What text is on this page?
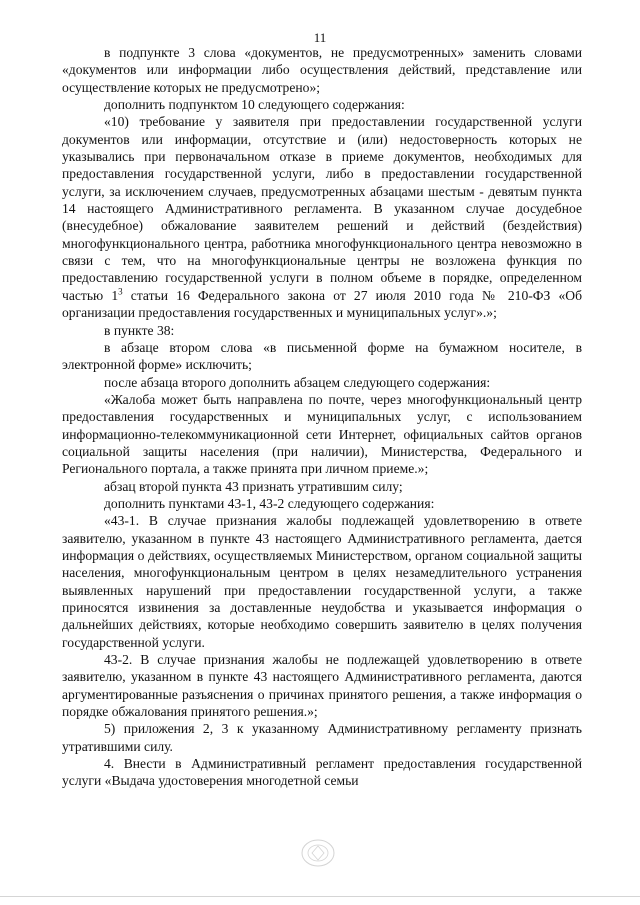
11

в подпункте 3 слова «документов, не предусмотренных» заменить словами «документов или информации либо осуществления действий, представление или осуществление которых не предусмотрено»;

дополнить подпунктом 10 следующего содержания:

«10) требование у заявителя при предоставлении государственной услуги документов или информации, отсутствие и (или) недостоверность которых не указывались при первоначальном отказе в приеме документов, необходимых для предоставления государственной услуги, либо в предоставлении государственной услуги, за исключением случаев, предусмотренных абзацами шестым - девятым пункта 14 настоящего Административного регламента. В указанном случае досудебное (внесудебное) обжалование заявителем решений и действий (бездействия) многофункционального центра, работника многофункционального центра невозможно в связи с тем, что на многофункциональные центры не возложена функция по предоставлению государственной услуги в полном объеме в порядке, определенном частью $1^3$ статьи 16 Федерального закона от 27 июля 2010 года № 210-ФЗ «Об организации предоставления государственных и муниципальных услуг».»;

в пункте 38:

в абзаце втором слова «в письменной форме на бумажном носителе, в электронной форме» исключить;

после абзаца второго дополнить абзацем следующего содержания:

«Жалоба может быть направлена по почте, через многофункциональный центр предоставления государственных и муниципальных услуг, с использованием информационно-телекоммуникационной сети Интернет, официальных сайтов органов социальной защиты населения (при наличии), Министерства, Федерального и Регионального портала, а также принята при личном приеме.»;

абзац второй пункта 43 признать утратившим силу;

дополнить пунктами 43-1, 43-2 следующего содержания:

«43-1. В случае признания жалобы подлежащей удовлетворению в ответе заявителю, указанном в пункте 43 настоящего Административного регламента, дается информация о действиях, осуществляемых Министерством, органом социальной защиты населения, многофункциональным центром в целях незамедлительного устранения выявленных нарушений при предоставлении государственной услуги, а также приносятся извинения за доставленные неудобства и указывается информация о дальнейших действиях, которые необходимо совершить заявителю в целях получения государственной услуги.

43-2. В случае признания жалобы не подлежащей удовлетворению в ответе заявителю, указанном в пункте 43 настоящего Административного регламента, даются аргументированные разъяснения о причинах принятого решения, а также информация о порядке обжалования принятого решения.»;

5) приложения 2, 3 к указанному Административному регламенту признать утратившими силу.

4. Внести в Административный регламент предоставления государственной услуги «Выдача удостоверения многодетной семьи
